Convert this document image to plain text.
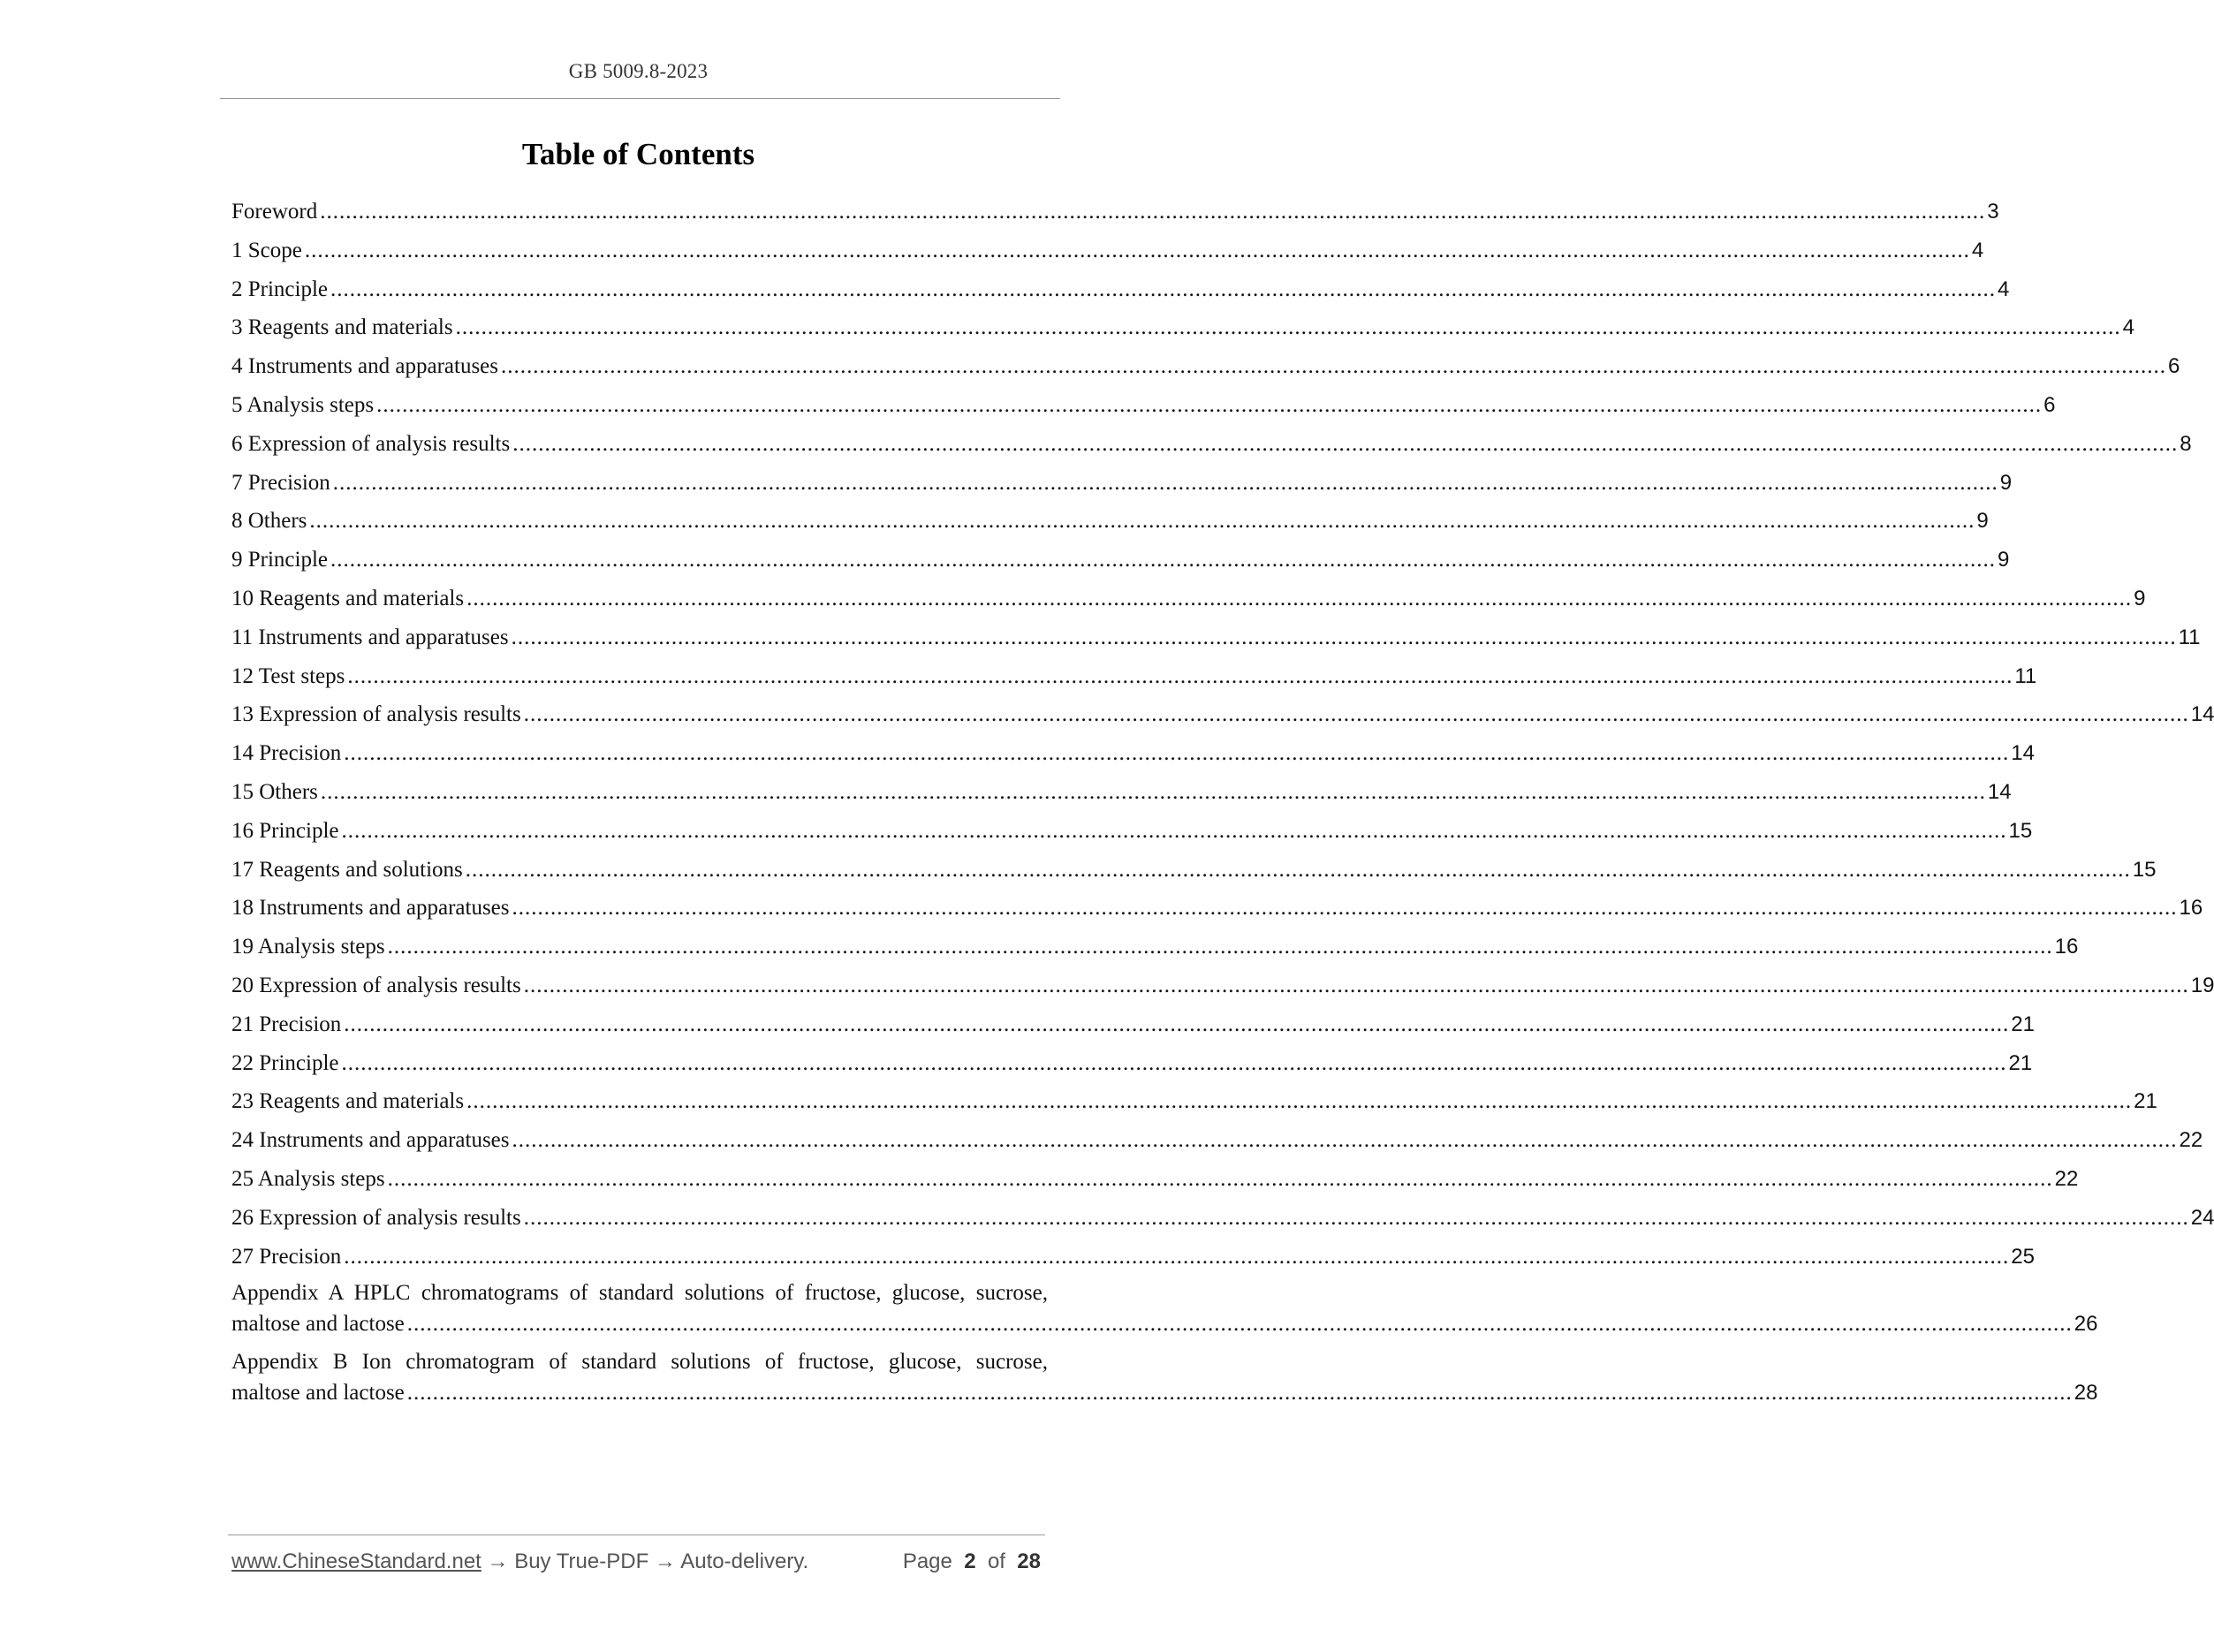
GB 5009.8-2023
Table of Contents
Foreword .................................................................................................................................................................................................................................................................... 3
1 Scope .................................................................................................................................................................................................................................................................... 4
2 Principle .................................................................................................................................................................................................................................................................... 4
3 Reagents and materials .................................................................................................................................................................................................................................................................... 4
4 Instruments and apparatuses .................................................................................................................................................................................................................................................................... 6
5 Analysis steps .................................................................................................................................................................................................................................................................... 6
6 Expression of analysis results .................................................................................................................................................................................................................................................................... 8
7 Precision .................................................................................................................................................................................................................................................................... 9
8 Others .................................................................................................................................................................................................................................................................... 9
9 Principle .................................................................................................................................................................................................................................................................... 9
10 Reagents and materials .................................................................................................................................................................................................................................................................... 9
11 Instruments and apparatuses .................................................................................................................................................................................................................................................................... 11
12 Test steps .................................................................................................................................................................................................................................................................... 11
13 Expression of analysis results .................................................................................................................................................................................................................................................................... 14
14 Precision .................................................................................................................................................................................................................................................................... 14
15 Others .................................................................................................................................................................................................................................................................... 14
16 Principle .................................................................................................................................................................................................................................................................... 15
17 Reagents and solutions .................................................................................................................................................................................................................................................................... 15
18 Instruments and apparatuses .................................................................................................................................................................................................................................................................... 16
19 Analysis steps .................................................................................................................................................................................................................................................................... 16
20 Expression of analysis results .................................................................................................................................................................................................................................................................... 19
21 Precision .................................................................................................................................................................................................................................................................... 21
22 Principle .................................................................................................................................................................................................................................................................... 21
23 Reagents and materials .................................................................................................................................................................................................................................................................... 21
24 Instruments and apparatuses .................................................................................................................................................................................................................................................................... 22
25 Analysis steps .................................................................................................................................................................................................................................................................... 22
26 Expression of analysis results .................................................................................................................................................................................................................................................................... 24
27 Precision .................................................................................................................................................................................................................................................................... 25
Appendix A HPLC chromatograms of standard solutions of fructose, glucose, sucrose,
maltose and lactose .................................................................................................................................................................................................................................................................... 26
Appendix B Ion chromatogram of standard solutions of fructose, glucose, sucrose,
maltose and lactose .................................................................................................................................................................................................................................................................... 28
www.ChineseStandard.net → Buy True-PDF → Auto-delivery.	Page 2 of 28
